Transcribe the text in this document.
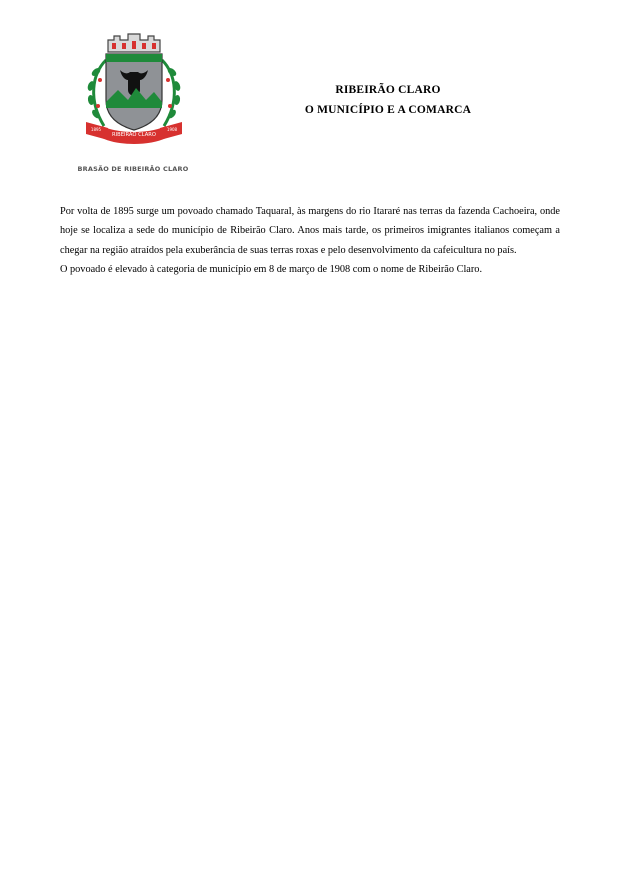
RIBEIRÃO CLARO
1895	1908
BRASÃO DE RIBEIRÃO CLARO
RIBEIRÃO CLARO
O MUNICÍPIO E A COMARCA

Por volta de 1895 surge um povoado chamado Taquaral, às margens do rio Itararé nas terras da fazenda Cachoeira, onde hoje se localiza a sede do município de Ribeirão Claro. Anos mais tarde, os primeiros imigrantes italianos começam a chegar na região atraídos pela exuberância de suas terras roxas e pelo desenvolvimento da cafeicultura no país.

O povoado é elevado à categoria de município em 8 de março de 1908 com o nome de Ribeirão Claro.
